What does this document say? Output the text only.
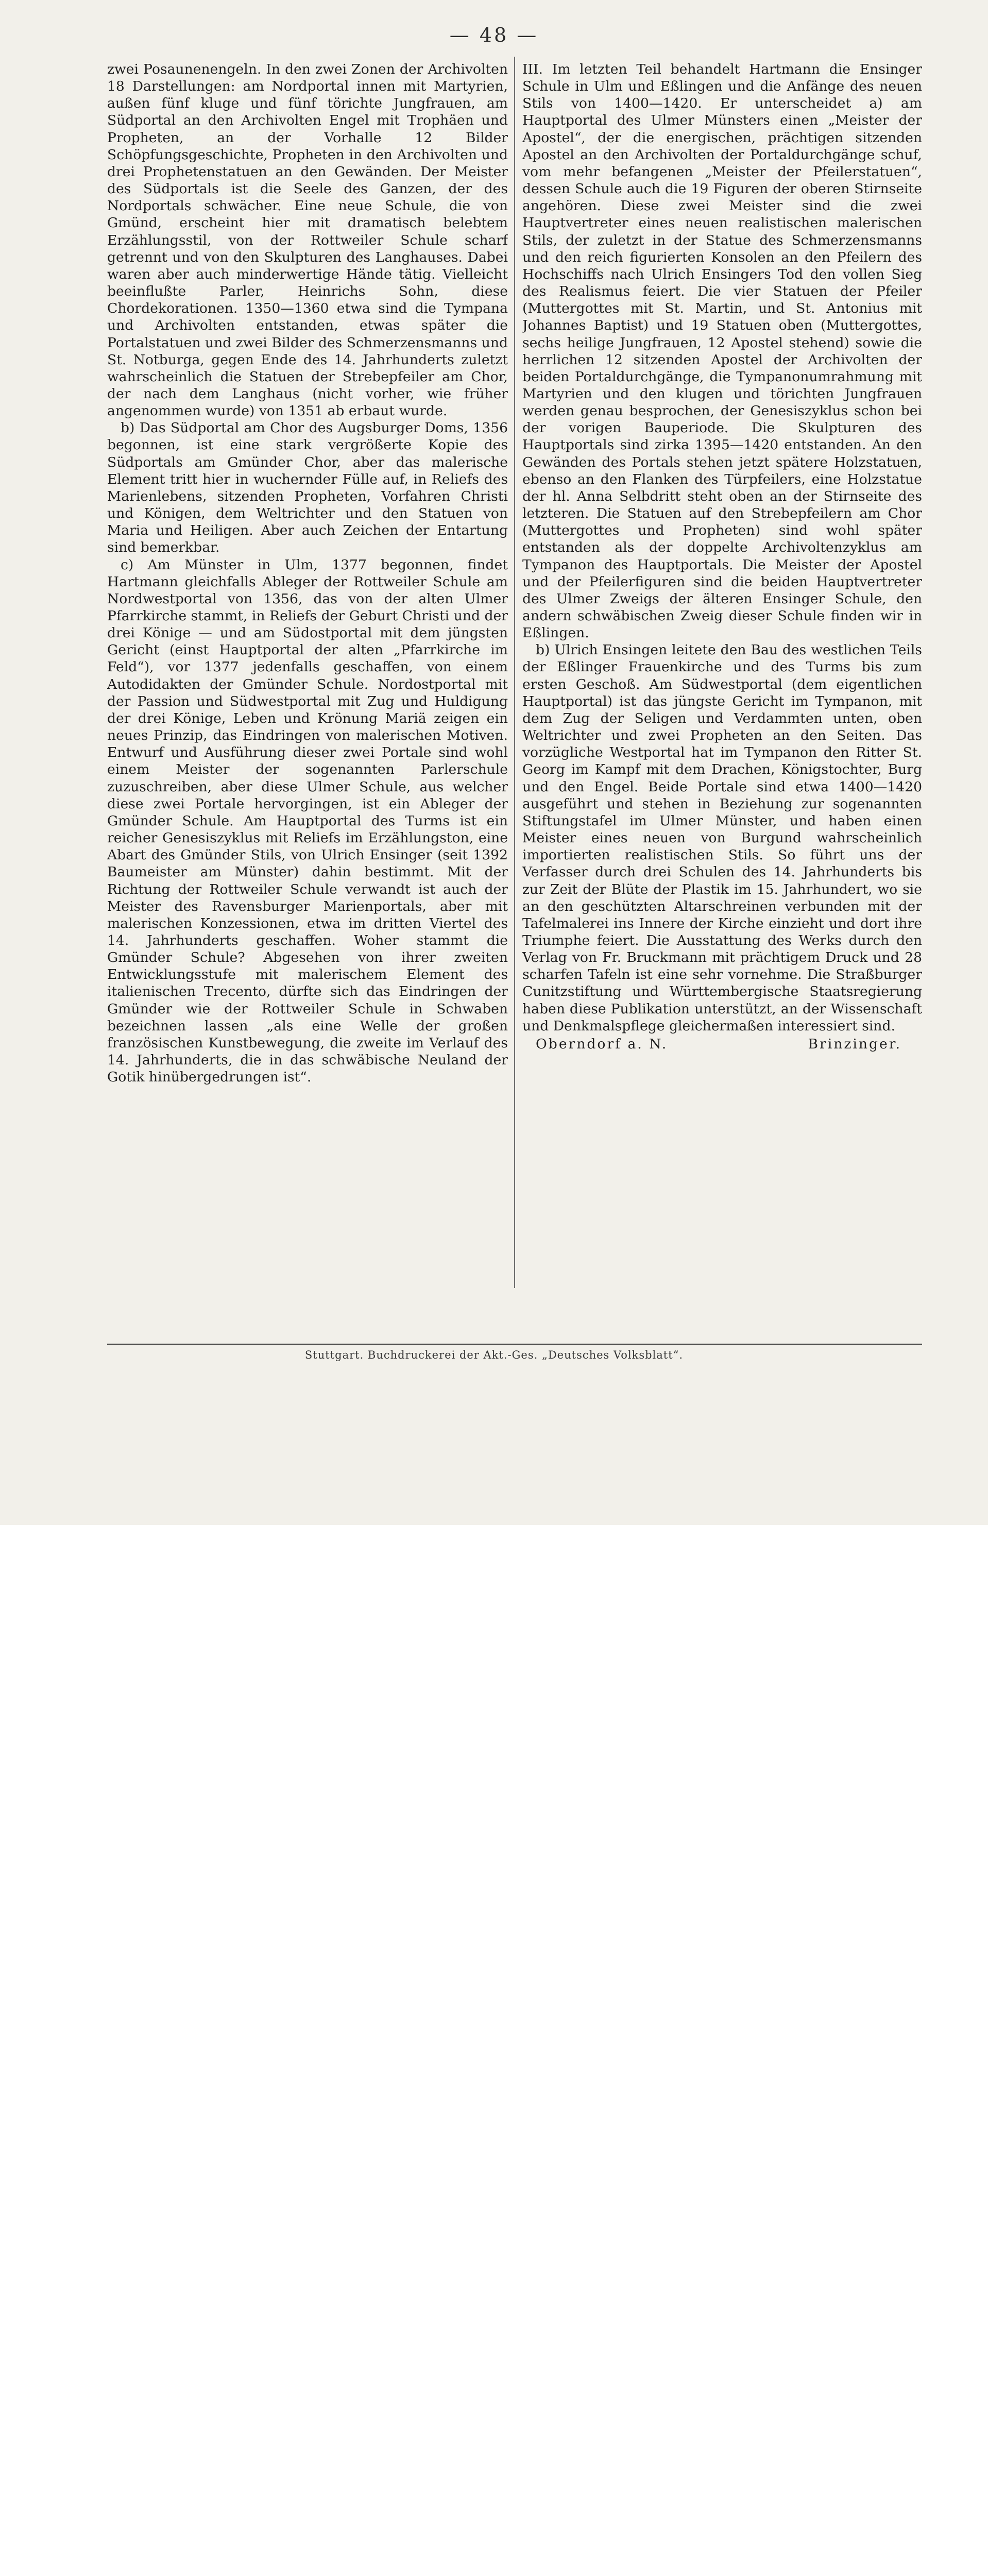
— 48 —

zwei Posaunenengeln. In den zwei Zonen der Archivolten 18 Darstellungen: am Nordportal innen mit Martyrien, außen fünf kluge und fünf törichte Jungfrauen, am Südportal an den Archivolten Engel mit Trophäen und Propheten, an der Vorhalle 12 Bilder Schöpfungsgeschichte, Propheten in den Archivolten und drei Prophetenstatuen an den Gewänden. Der Meister des Südportals ist die Seele des Ganzen, der des Nordportals schwächer. Eine neue Schule, die von Gmünd, erscheint hier mit dramatisch belebtem Erzählungsstil, von der Rottweiler Schule scharf getrennt und von den Skulpturen des Langhauses. Dabei waren aber auch minderwertige Hände tätig. Vielleicht beeinflußte Parler, Heinrichs Sohn, diese Chordekorationen. 1350—1360 etwa sind die Tympana und Archivolten entstanden, etwas später die Portalstatuen und zwei Bilder des Schmerzensmanns und St. Notburga, gegen Ende des 14. Jahrhunderts zuletzt wahrscheinlich die Statuen der Strebepfeiler am Chor, der nach dem Langhaus (nicht vorher, wie früher angenommen wurde) von 1351 ab erbaut wurde.

b) Das Südportal am Chor des Augsburger Doms, 1356 begonnen, ist eine stark vergrößerte Kopie des Südportals am Gmünder Chor, aber das malerische Element tritt hier in wuchernder Fülle auf, in Reliefs des Marienlebens, sitzenden Propheten, Vorfahren Christi und Königen, dem Weltrichter und den Statuen von Maria und Heiligen. Aber auch Zeichen der Entartung sind bemerkbar.

c) Am Münster in Ulm, 1377 begonnen, findet Hartmann gleichfalls Ableger der Rottweiler Schule am Nordwestportal von 1356, das von der alten Ulmer Pfarrkirche stammt, in Reliefs der Geburt Christi und der drei Könige — und am Südostportal mit dem jüngsten Gericht (einst Hauptportal der alten „Pfarrkirche im Feld“), vor 1377 jedenfalls geschaffen, von einem Autodidakten der Gmünder Schule. Nordostportal mit der Passion und Südwestportal mit Zug und Huldigung der drei Könige, Leben und Krönung Mariä zeigen ein neues Prinzip, das Eindringen von malerischen Motiven. Entwurf und Ausführung dieser zwei Portale sind wohl einem Meister der sogenannten Parlerschule zuzuschreiben, aber diese Ulmer Schule, aus welcher diese zwei Portale hervorgingen, ist ein Ableger der Gmünder Schule. Am Hauptportal des Turms ist ein reicher Genesiszyklus mit Reliefs im Erzählungston, eine Abart des Gmünder Stils, von Ulrich Ensinger (seit 1392 Baumeister am Münster) dahin bestimmt. Mit der Richtung der Rottweiler Schule verwandt ist auch der Meister des Ravensburger Marienportals, aber mit malerischen Konzessionen, etwa im dritten Viertel des 14. Jahrhunderts geschaffen. Woher stammt die Gmünder Schule? Abgesehen von ihrer zweiten Entwicklungsstufe mit malerischem Element des italienischen Trecento, dürfte sich das Eindringen der Gmünder wie der Rottweiler Schule in Schwaben bezeichnen lassen „als eine Welle der großen französischen Kunstbewegung, die zweite im Verlauf des 14. Jahrhunderts, die in das schwäbische Neuland der Gotik hinübergedrungen ist“.

III. Im letzten Teil behandelt Hartmann die Ensinger Schule in Ulm und Eßlingen und die Anfänge des neuen Stils von 1400—1420. Er unterscheidet a) am Hauptportal des Ulmer Münsters einen „Meister der Apostel“, der die energischen, prächtigen sitzenden Apostel an den Archivolten der Portaldurchgänge schuf, vom mehr befangenen „Meister der Pfeilerstatuen“, dessen Schule auch die 19 Figuren der oberen Stirnseite angehören. Diese zwei Meister sind die zwei Hauptvertreter eines neuen realistischen malerischen Stils, der zuletzt in der Statue des Schmerzensmanns und den reich figurierten Konsolen an den Pfeilern des Hochschiffs nach Ulrich Ensingers Tod den vollen Sieg des Realismus feiert. Die vier Statuen der Pfeiler (Muttergottes mit St. Martin, und St. Antonius mit Johannes Baptist) und 19 Statuen oben (Muttergottes, sechs heilige Jungfrauen, 12 Apostel stehend) sowie die herrlichen 12 sitzenden Apostel der Archivolten der beiden Portaldurchgänge, die Tympanonumrahmung mit Martyrien und den klugen und törichten Jungfrauen werden genau besprochen, der Genesiszyklus schon bei der vorigen Bauperiode. Die Skulpturen des Hauptportals sind zirka 1395—1420 entstanden. An den Gewänden des Portals stehen jetzt spätere Holzstatuen, ebenso an den Flanken des Türpfeilers, eine Holzstatue der hl. Anna Selbdritt steht oben an der Stirnseite des letzteren. Die Statuen auf den Strebepfeilern am Chor (Muttergottes und Propheten) sind wohl später entstanden als der doppelte Archivoltenzyklus am Tympanon des Hauptportals. Die Meister der Apostel und der Pfeilerfiguren sind die beiden Hauptvertreter des Ulmer Zweigs der älteren Ensinger Schule, den andern schwäbischen Zweig dieser Schule finden wir in Eßlingen.

b) Ulrich Ensingen leitete den Bau des westlichen Teils der Eßlinger Frauenkirche und des Turms bis zum ersten Geschoß. Am Südwestportal (dem eigentlichen Hauptportal) ist das jüngste Gericht im Tympanon, mit dem Zug der Seligen und Verdammten unten, oben Weltrichter und zwei Propheten an den Seiten. Das vorzügliche Westportal hat im Tympanon den Ritter St. Georg im Kampf mit dem Drachen, Königstochter, Burg und den Engel. Beide Portale sind etwa 1400—1420 ausgeführt und stehen in Beziehung zur sogenannten Stiftungstafel im Ulmer Münster, und haben einen Meister eines neuen von Burgund wahrscheinlich importierten realistischen Stils. So führt uns der Verfasser durch drei Schulen des 14. Jahrhunderts bis zur Zeit der Blüte der Plastik im 15. Jahrhundert, wo sie an den geschützten Altarschreinen verbunden mit der Tafelmalerei ins Innere der Kirche einzieht und dort ihre Triumphe feiert. Die Ausstattung des Werks durch den Verlag von Fr. Bruckmann mit prächtigem Druck und 28 scharfen Tafeln ist eine sehr vornehme. Die Straßburger Cunitzstiftung und Württembergische Staatsregierung haben diese Publikation unterstützt, an der Wissenschaft und Denkmalspflege gleichermaßen interessiert sind.

Oberndorf a. N.	Brinzinger.
Stuttgart. Buchdruckerei der Akt.-Ges. „Deutsches Volksblatt“.
